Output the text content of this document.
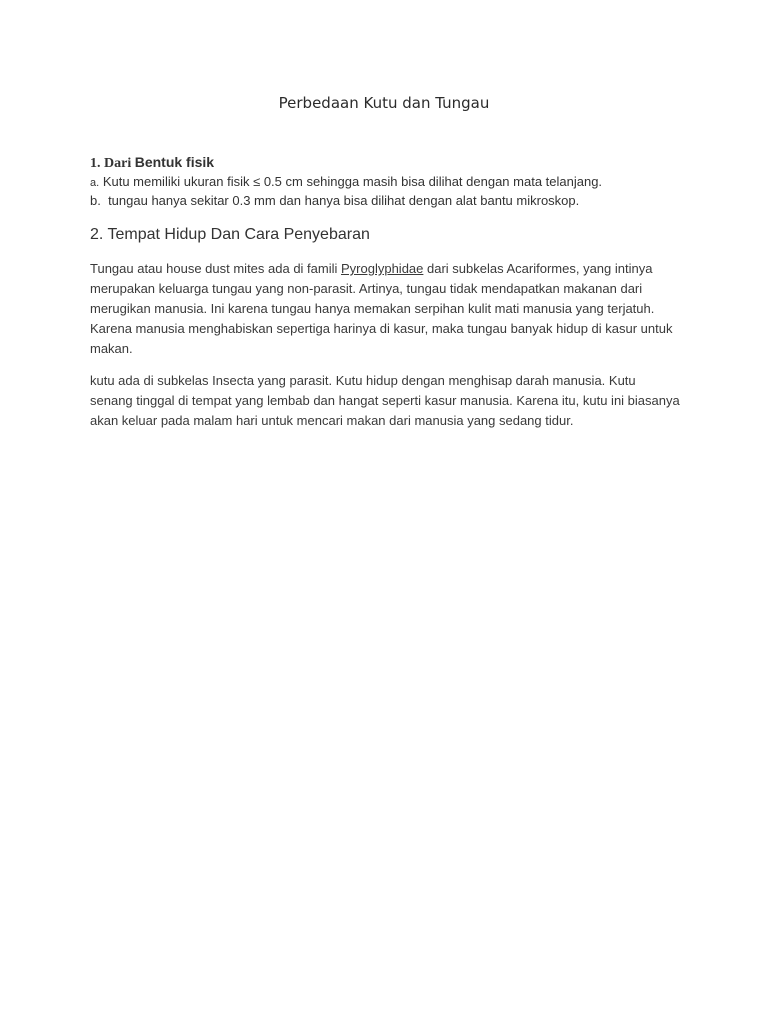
Perbedaan Kutu dan Tungau

1. Dari Bentuk fisik

a. Kutu memiliki ukuran fisik ≤ 0.5 cm sehingga masih bisa dilihat dengan mata telanjang.

b.  tungau hanya sekitar 0.3 mm dan hanya bisa dilihat dengan alat bantu mikroskop.

2. Tempat Hidup Dan Cara Penyebaran

Tungau atau house dust mites ada di famili Pyroglyphidae dari subkelas Acariformes, yang intinya merupakan keluarga tungau yang non-parasit. Artinya, tungau tidak mendapatkan makanan dari merugikan manusia. Ini karena tungau hanya memakan serpihan kulit mati manusia yang terjatuh. Karena manusia menghabiskan sepertiga harinya di kasur, maka tungau banyak hidup di kasur untuk makan.

kutu ada di subkelas Insecta yang parasit. Kutu hidup dengan menghisap darah manusia. Kutu senang tinggal di tempat yang lembab dan hangat seperti kasur manusia. Karena itu, kutu ini biasanya akan keluar pada malam hari untuk mencari makan dari manusia yang sedang tidur.
